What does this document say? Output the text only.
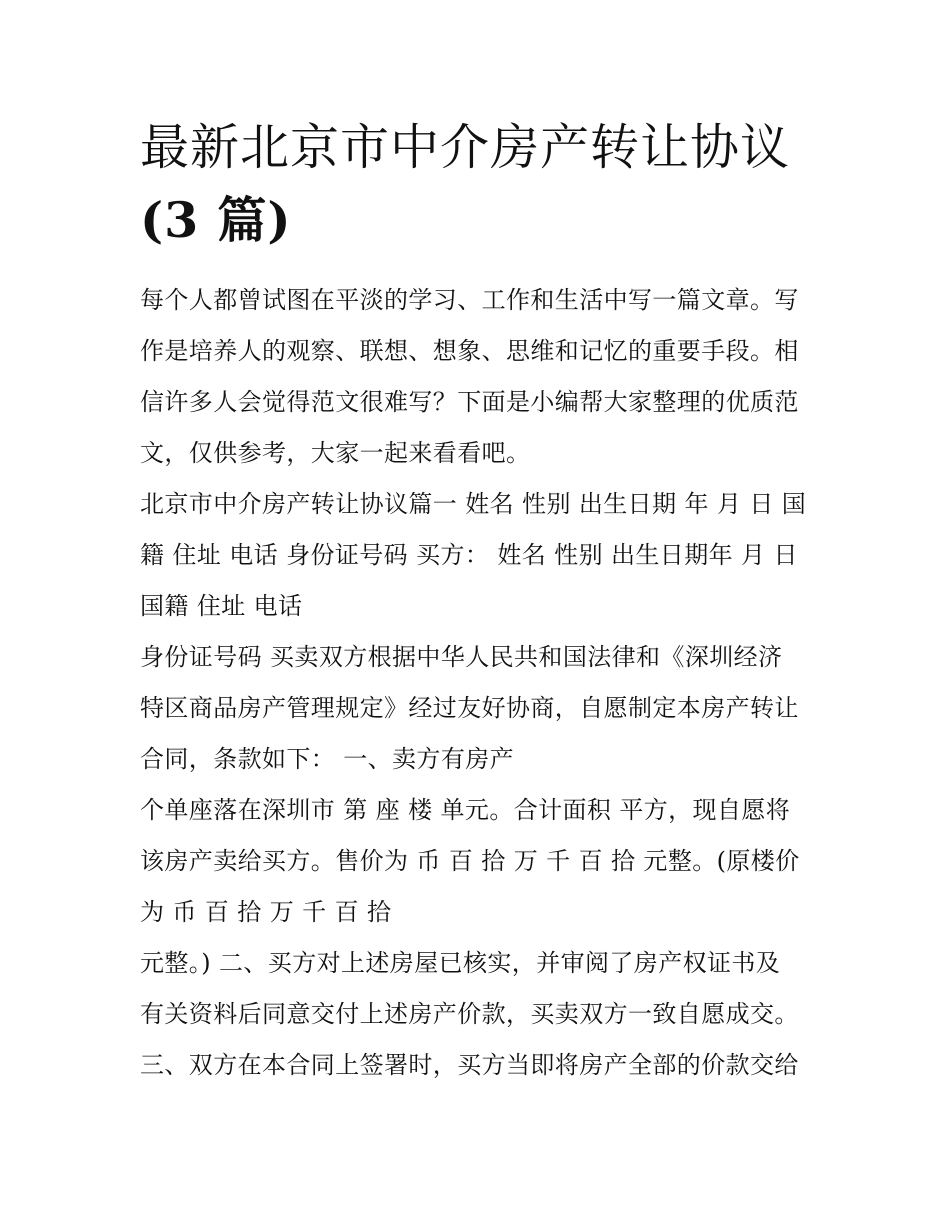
最新北京市中介房产转让协议
(3 篇)
每个人都曾试图在平淡的学习、工作和生活中写一篇文章。写
作是培养人的观察、联想、想象、思维和记忆的重要手段。相
信许多人会觉得范文很难写？下面是小编帮大家整理的优质范
文，仅供参考，大家一起来看看吧。
北京市中介房产转让协议篇一 姓名 性别 出生日期 年 月 日 国
籍 住址 电话 身份证号码 买方： 姓名 性别 出生日期年 月 日
国籍 住址 电话
身份证号码 买卖双方根据中华人民共和国法律和《深圳经济
特区商品房产管理规定》经过友好协商，自愿制定本房产转让
合同，条款如下： 一、卖方有房产
个单座落在深圳市 第 座 楼 单元。合计面积 平方，现自愿将
该房产卖给买方。售价为 币 百 拾 万 千 百 拾 元整。(原楼价
为 币 百 拾 万 千 百 拾
元整。) 二、买方对上述房屋已核实，并审阅了房产权证书及
有关资料后同意交付上述房产价款，买卖双方一致自愿成交。
三、双方在本合同上签署时，买方当即将房产全部的价款交给
